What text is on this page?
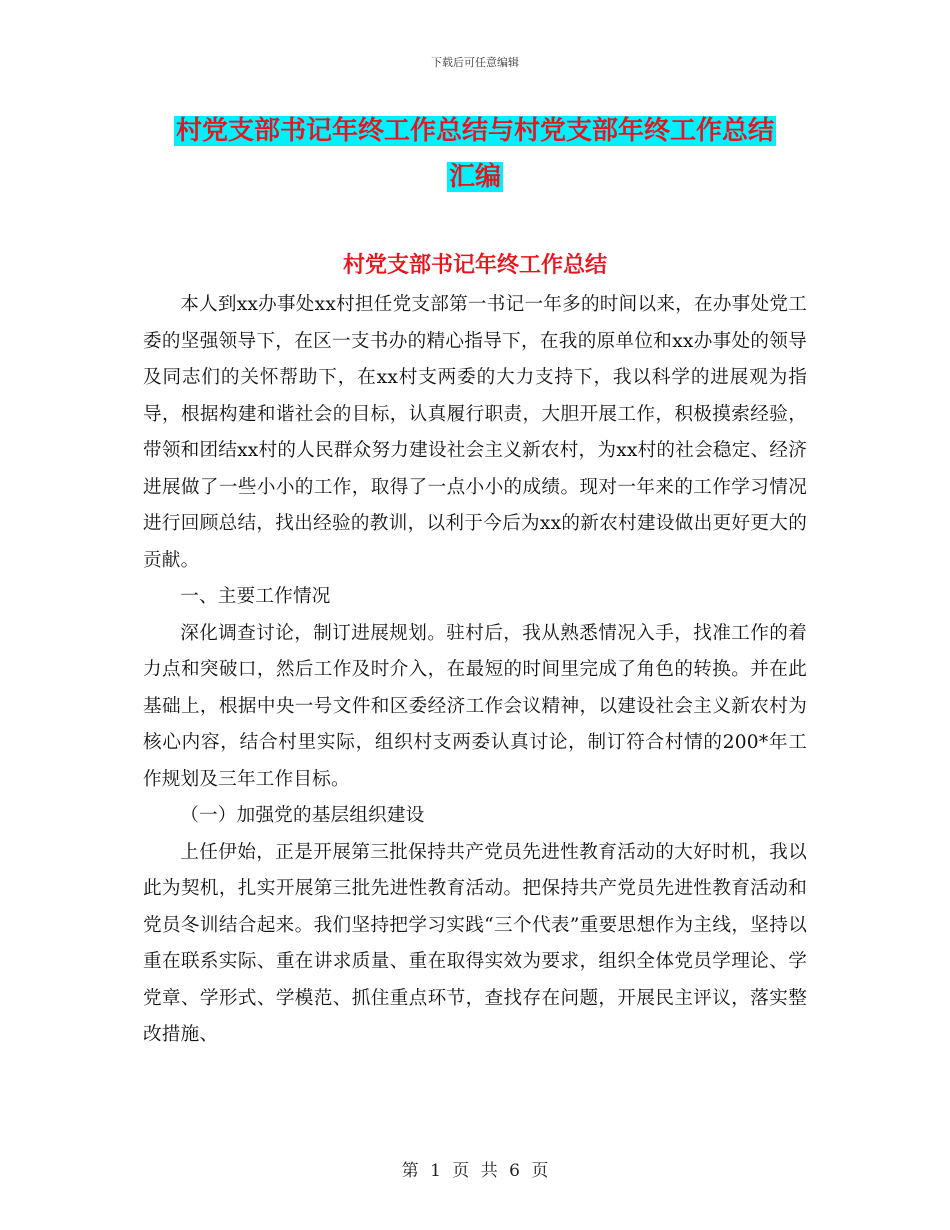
下载后可任意编辑
村党支部书记年终工作总结与村党支部年终工作总结
汇编
村党支部书记年终工作总结

本人到xx办事处xx村担任党支部第一书记一年多的时间以来，在办事处党工委的坚强领导下，在区一支书办的精心指导下，在我的原单位和xx办事处的领导及同志们的关怀帮助下，在xx村支两委的大力支持下，我以科学的进展观为指导，根据构建和谐社会的目标，认真履行职责，大胆开展工作，积极摸索经验，带领和团结xx村的人民群众努力建设社会主义新农村，为xx村的社会稳定、经济进展做了一些小小的工作，取得了一点小小的成绩。现对一年来的工作学习情况进行回顾总结，找出经验的教训，以利于今后为xx的新农村建设做出更好更大的贡献。

一、主要工作情况

深化调查讨论，制订进展规划。驻村后，我从熟悉情况入手，找准工作的着力点和突破口，然后工作及时介入，在最短的时间里完成了角色的转换。并在此基础上，根据中央一号文件和区委经济工作会议精神，以建设社会主义新农村为核心内容，结合村里实际，组织村支两委认真讨论，制订符合村情的200*年工作规划及三年工作目标。

（一）加强党的基层组织建设

上任伊始，正是开展第三批保持共产党员先进性教育活动的大好时机，我以此为契机，扎实开展第三批先进性教育活动。把保持共产党员先进性教育活动和党员冬训结合起来。我们坚持把学习实践“三个代表”重要思想作为主线，坚持以重在联系实际、重在讲求质量、重在取得实效为要求，组织全体党员学理论、学党章、学形式、学模范、抓住重点环节，查找存在问题，开展民主评议，落实整改措施、

第 1 页 共 6 页
